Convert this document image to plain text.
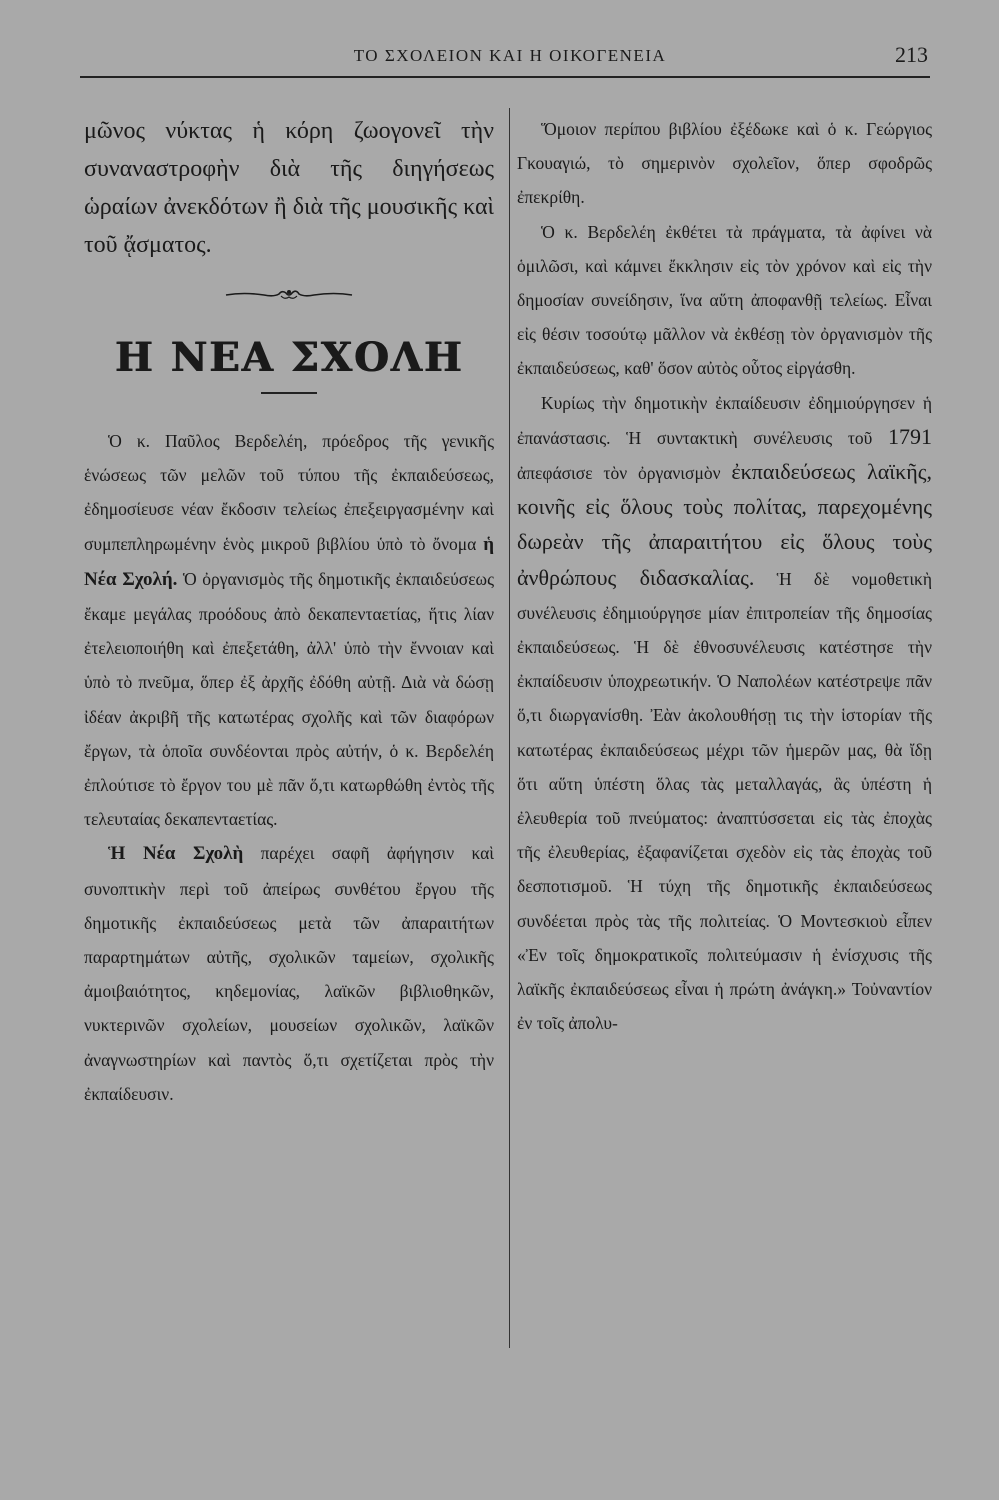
ΤΟ ΣΧΟΛΕΙΟΝ ΚΑΙ Η ΟΙΚΟΓΕΝΕΙΑ	213

μῶνος νύκτας ἡ κόρη ζωογονεῖ τὴν συναναστροφὴν διὰ τῆς διηγήσεως ὡραίων ἀνεκδότων ἢ διὰ τῆς μουσικῆς καὶ τοῦ ᾄσματος.

Η ΝΕΑ ΣΧΟΛΗ

Ὁ κ. Παῦλος Βερδελέη, πρόεδρος τῆς γενικῆς ἑνώσεως τῶν μελῶν τοῦ τύπου τῆς ἐκπαιδεύσεως, ἐδημοσίευσε νέαν ἔκδοσιν τελείως ἐπεξειργασμένην καὶ συμπεπληρωμένην ἑνὸς μικροῦ βιβλίου ὑπὸ τὸ ὄνομα ἡ Νέα Σχολή. Ὁ ὀργανισμὸς τῆς δημοτικῆς ἐκπαιδεύσεως ἔκαμε μεγάλας προόδους ἀπὸ δεκαπενταετίας, ἥτις λίαν ἐτελειοποιήθη καὶ ἐπεξετάθη, ἀλλ' ὑπὸ τὴν ἔννοιαν καὶ ὑπὸ τὸ πνεῦμα, ὅπερ ἐξ ἀρχῆς ἐδόθη αὐτῇ. Διὰ νὰ δώσῃ ἰδέαν ἀκριβῆ τῆς κατωτέρας σχολῆς καὶ τῶν διαφόρων ἔργων, τὰ ὁποῖα συνδέονται πρὸς αὐτήν, ὁ κ. Βερδελέη ἐπλούτισε τὸ ἔργον του μὲ πᾶν ὅ,τι κατωρθώθη ἐντὸς τῆς τελευταίας δεκαπενταετίας.

Ἡ Νέα Σχολὴ παρέχει σαφῆ ἀφήγησιν καὶ συνοπτικὴν περὶ τοῦ ἀπείρως συνθέτου ἔργου τῆς δημοτικῆς ἐκπαιδεύσεως μετὰ τῶν ἀπαραιτήτων παραρτημάτων αὐτῆς, σχολικῶν ταμείων, σχολικῆς ἀμοιβαιότητος, κηδεμονίας, λαϊκῶν βιβλιοθηκῶν, νυκτερινῶν σχολείων, μουσείων σχολικῶν, λαϊκῶν ἀναγνωστηρίων καὶ παντὸς ὅ,τι σχετίζεται πρὸς τὴν ἐκπαίδευσιν.

Ὅμοιον περίπου βιβλίου ἐξέδωκε καὶ ὁ κ. Γεώργιος Γκουαγιώ, τὸ σημερινὸν σχολεῖον, ὅπερ σφοδρῶς ἐπεκρίθη.

Ὁ κ. Βερδελέη ἐκθέτει τὰ πράγματα, τὰ ἀφίνει νὰ ὁμιλῶσι, καὶ κάμνει ἔκκλησιν εἰς τὸν χρόνον καὶ εἰς τὴν δημοσίαν συνείδησιν, ἵνα αὕτη ἀποφανθῇ τελείως. Εἶναι εἰς θέσιν τοσούτῳ μᾶλλον νὰ ἐκθέσῃ τὸν ὀργανισμὸν τῆς ἐκπαιδεύσεως, καθ' ὅσον αὐτὸς οὗτος εἰργάσθη.

Κυρίως τὴν δημοτικὴν ἐκπαίδευσιν ἐδημιούργησεν ἡ ἐπανάστασις. Ἡ συντακτικὴ συνέλευσις τοῦ 1791 ἀπεφάσισε τὸν ὀργανισμὸν ἐκπαιδεύσεως λαϊκῆς, κοινῆς εἰς ὅλους τοὺς πολίτας, παρεχομένης δωρεὰν τῆς ἀπαραιτήτου εἰς ὅλους τοὺς ἀνθρώπους διδασκαλίας. Ἡ δὲ νομοθετικὴ συνέλευσις ἐδημιούργησε μίαν ἐπιτροπείαν τῆς δημοσίας ἐκπαιδεύσεως. Ἡ δὲ ἐθνοσυνέλευσις κατέστησε τὴν ἐκπαίδευσιν ὑποχρεωτικήν. Ὁ Ναπολέων κατέστρεψε πᾶν ὅ,τι διωργανίσθη. Ἐὰν ἀκολουθήσῃ τις τὴν ἱστορίαν τῆς κατωτέρας ἐκπαιδεύσεως μέχρι τῶν ἡμερῶν μας, θὰ ἴδῃ ὅτι αὕτη ὑπέστη ὅλας τὰς μεταλλαγάς, ἃς ὑπέστη ἡ ἐλευθερία τοῦ πνεύματος: ἀναπτύσσεται εἰς τὰς ἐποχὰς τῆς ἐλευθερίας, ἐξαφανίζεται σχεδὸν εἰς τὰς ἐποχὰς τοῦ δεσποτισμοῦ. Ἡ τύχη τῆς δημοτικῆς ἐκπαιδεύσεως συνδέεται πρὸς τὰς τῆς πολιτείας. Ὁ Μοντεσκιοὺ εἶπεν «Ἐν τοῖς δημοκρατικοῖς πολιτεύμασιν ἡ ἐνίσχυσις τῆς λαϊκῆς ἐκπαιδεύσεως εἶναι ἡ πρώτη ἀνάγκη.» Τοὐναντίον ἐν τοῖς ἀπολυ-
